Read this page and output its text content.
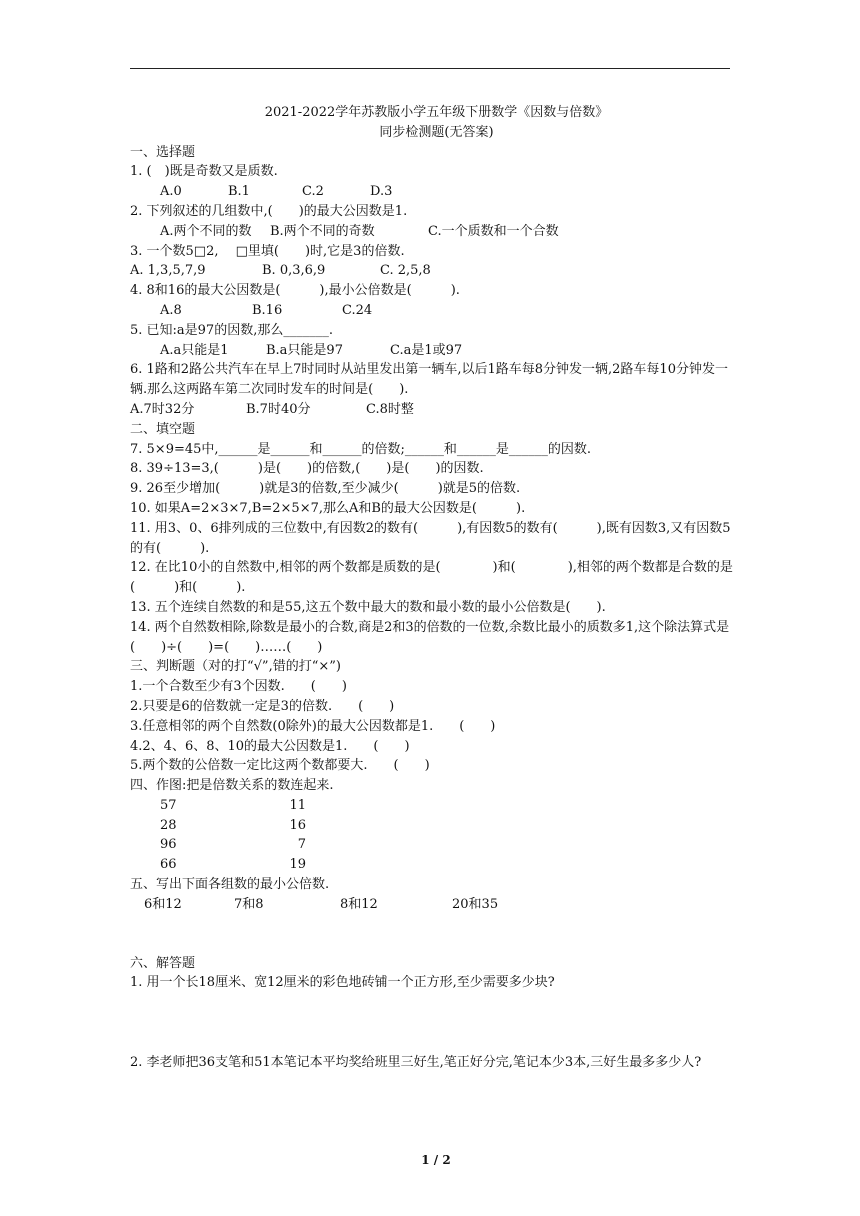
2021-2022学年苏教版小学五年级下册数学《因数与倍数》
同步检测题(无答案)
一、选择题
1. (　)既是奇数又是质数.
A.0	B.1	C.2	D.3
2. 下列叙述的几组数中,(　　)的最大公因数是1.
A.两个不同的数 B.两个不同的奇数	C.一个质数和一个合数
3. 一个数5□2, 　□里填(　　)时,它是3的倍数.
A. 1,3,5,7,9	B. 0,3,6,9	C. 2,5,8
4. 8和16的最大公因数是(　　　),最小公倍数是(　　　).
A.8	B.16	C.24
5. 已知:a是97的因数,那么_______.
A.a只能是1	B.a只能是97	C.a是1或97
6. 1路和2路公共汽车在早上7时同时从站里发出第一辆车,以后1路车每8分钟发一辆,2路车每10分钟发一辆.那么这两路车第二次同时发车的时间是(　　).
A.7时32分	B.7时40分	C.8时整
二、填空题
7. 5×9=45中,______是______和______的倍数;______和______是______的因数.
8. 39÷13=3,(　　　)是(　　)的倍数,(　　)是(　　)的因数.
9. 26至少增加(　　　)就是3的倍数,至少减少(　　　)就是5的倍数.
10. 如果A=2×3×7,B=2×5×7,那么A和B的最大公因数是(　　　).
11. 用3、0、6排列成的三位数中,有因数2的数有(　　　),有因数5的数有(　　　),既有因数3,又有因数5的有(　　　).
12. 在比10小的自然数中,相邻的两个数都是质数的是(　　　　)和(　　　　),相邻的两个数都是合数的是(　　　)和(　　　).
13. 五个连续自然数的和是55,这五个数中最大的数和最小数的最小公倍数是(　　).
14. 两个自然数相除,除数是最小的合数,商是2和3的倍数的一位数,余数比最小的质数多1,这个除法算式是 (　　)÷(　　)=(　　)……(　　)
三、判断题（对的打“√”,错的打“×”)
1.一个合数至少有3个因数.　　(　　)
2.只要是6的倍数就一定是3的倍数.　　(　　)
3.任意相邻的两个自然数(0除外)的最大公因数都是1.　　(　　)
4.2、4、6、8、10的最大公因数是1.　　(　　)
5.两个数的公倍数一定比这两个数都要大.　　(　　)
四、作图:把是倍数关系的数连起来.
57	11
28	16
96	7
66	19
五、写出下面各组数的最小公倍数.
6和12	7和8	8和12	20和35
六、解答题
1. 用一个长18厘米、宽12厘米的彩色地砖铺一个正方形,至少需要多少块?
2. 李老师把36支笔和51本笔记本平均奖给班里三好生,笔正好分完,笔记本少3本,三好生最多多少人?
1 / 2
